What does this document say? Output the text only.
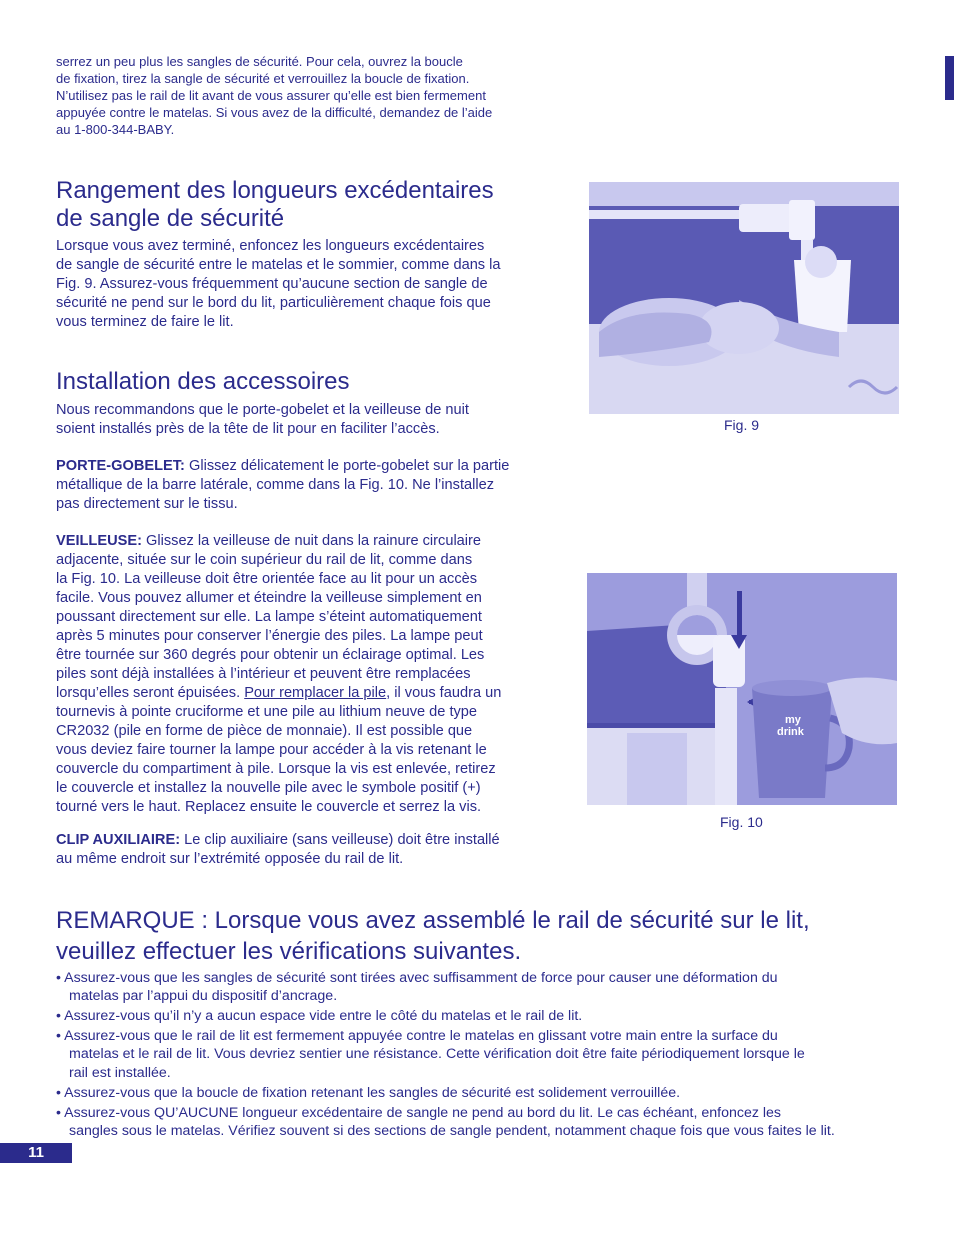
serrez un peu plus les sangles de sécurité. Pour cela, ouvrez la boucle
de fixation, tirez la sangle de sécurité et verrouillez la boucle de fixation.
N’utilisez pas le rail de lit avant de vous assurer qu’elle est bien fermement
appuyée contre le matelas. Si vous avez de la difficulté, demandez de l’aide
au 1-800-344-BABY.
Rangement des longueurs excédentaires
de sangle de sécurité
Lorsque vous avez terminé, enfoncez les longueurs excédentaires
de sangle de sécurité entre le matelas et le sommier, comme dans la
Fig. 9. Assurez-vous fréquemment qu’aucune section de sangle de
sécurité ne pend sur le bord du lit, particulièrement chaque fois que
vous terminez de faire le lit.
Installation des accessoires
Nous recommandons que le porte-gobelet et la veilleuse de nuit
soient installés près de la tête de lit pour en faciliter l’accès.
PORTE-GOBELET: Glissez délicatement le porte-gobelet sur la partie
métallique de la barre latérale, comme dans la Fig. 10. Ne l’installez
pas directement sur le tissu.
VEILLEUSE: Glissez la veilleuse de nuit dans la rainure circulaire
adjacente, située sur le coin supérieur du rail de lit, comme dans
la Fig. 10. La veilleuse doit être orientée face au lit pour un accès
facile. Vous pouvez allumer et éteindre la veilleuse simplement en
poussant directement sur elle. La lampe s’éteint automatiquement
après 5 minutes pour conserver l’énergie des piles. La lampe peut
être tournée sur 360 degrés pour obtenir un éclairage optimal. Les
piles sont déjà installées à l’intérieur et peuvent être remplacées
lorsqu’elles seront épuisées. Pour remplacer la pile, il vous faudra un
tournevis à pointe cruciforme et une pile au lithium neuve de type
CR2032 (pile en forme de pièce de monnaie). Il est possible que
vous deviez faire tourner la lampe pour accéder à la vis retenant le
couvercle du compartiment à pile. Lorsque la vis est enlevée, retirez
le couvercle et installez la nouvelle pile avec le symbole positif (+)
tourné vers le haut. Replacez ensuite le couvercle et serrez la vis.
CLIP AUXILIAIRE: Le clip auxiliaire (sans veilleuse) doit être installé
au même endroit sur l’extrémité opposée du rail de lit.
Fig. 9
my
drink
Fig. 10
REMARQUE : Lorsque vous avez assemblé le rail de sécurité sur le lit,
veuillez effectuer les vérifications suivantes.
• Assurez-vous que les sangles de sécurité sont tirées avec suffisamment de force pour causer une déformation du
matelas par l’appui du dispositif d’ancrage.
• Assurez-vous qu’il n’y a aucun espace vide entre le côté du matelas et le rail de lit.
• Assurez-vous que le rail de lit est fermement appuyée contre le matelas en glissant votre main entre la surface du
matelas et le rail de lit. Vous devriez sentier une résistance. Cette vérification doit être faite périodiquement lorsque le
rail est installée.
• Assurez-vous que la boucle de fixation retenant les sangles de sécurité est solidement verrouillée.
• Assurez-vous QU’AUCUNE longueur excédentaire de sangle ne pend au bord du lit. Le cas échéant, enfoncez les
sangles sous le matelas. Vérifiez souvent si des sections de sangle pendent, notamment chaque fois que vous faites le lit.
11
